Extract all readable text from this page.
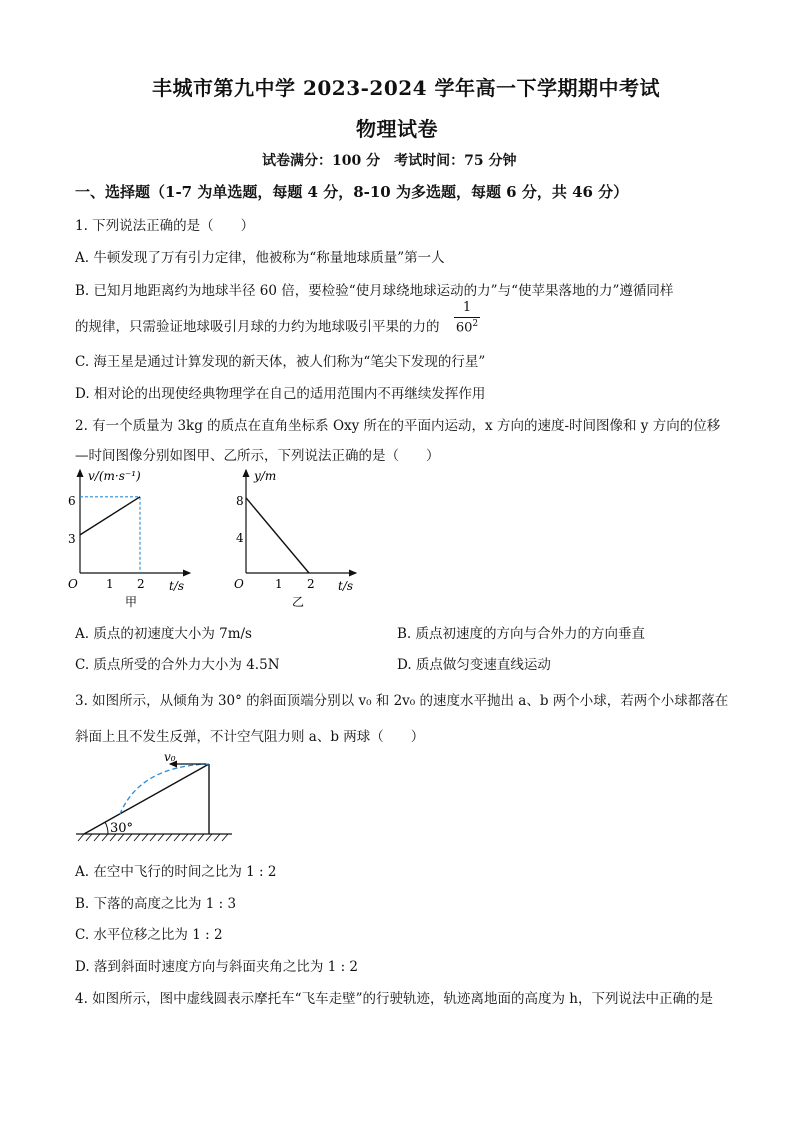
丰城市第九中学 2023-2024 学年高一下学期期中考试
物理试卷
试卷满分：100 分　考试时间：75 分钟
一、选择题（1-7 为单选题，每题 4 分，8-10 为多选题，每题 6 分，共 46 分）
1. 下列说法正确的是（　　）
A. 牛顿发现了万有引力定律，他被称为“称量地球质量”第一人
B. 已知月地距离约为地球半径 60 倍，要检验“使月球绕地球运动的力”与“使苹果落地的力”遵循同样
的规律，只需验证地球吸引月球的力约为地球吸引平果的力的
1
$60^2$
C. 海王星是通过计算发现的新天体，被人们称为“笔尖下发现的行星”
D. 相对论的出现使经典物理学在自己的适用范围内不再继续发挥作用
2. 有一个质量为 3kg 的质点在直角坐标系 Oxy 所在的平面内运动，x 方向的速度-时间图像和 y 方向的位移
—时间图像分别如图甲、乙所示，下列说法正确的是（　　）
v/(m·s⁻¹)
t/s
O
6
3
1 2
甲
y/m
t/s
O
8
4
1 2
乙
A. 质点的初速度大小为 7m/s	B. 质点初速度的方向与合外力的方向垂直
C. 质点所受的合外力大小为 4.5N	D. 质点做匀变速直线运动
3. 如图所示，从倾角为 30° 的斜面顶端分别以 v₀ 和 2v₀ 的速度水平抛出 a、b 两个小球，若两个小球都落在
斜面上且不发生反弹，不计空气阻力则 a、b 两球（　　）
v₀
30°
A. 在空中飞行的时间之比为 1 : 2
B. 下落的高度之比为 1 : 3
C. 水平位移之比为 1 : 2
D. 落到斜面时速度方向与斜面夹角之比为 1 : 2
4. 如图所示，图中虚线圆表示摩托车“飞车走壁”的行驶轨迹，轨迹离地面的高度为 h，下列说法中正确的是
